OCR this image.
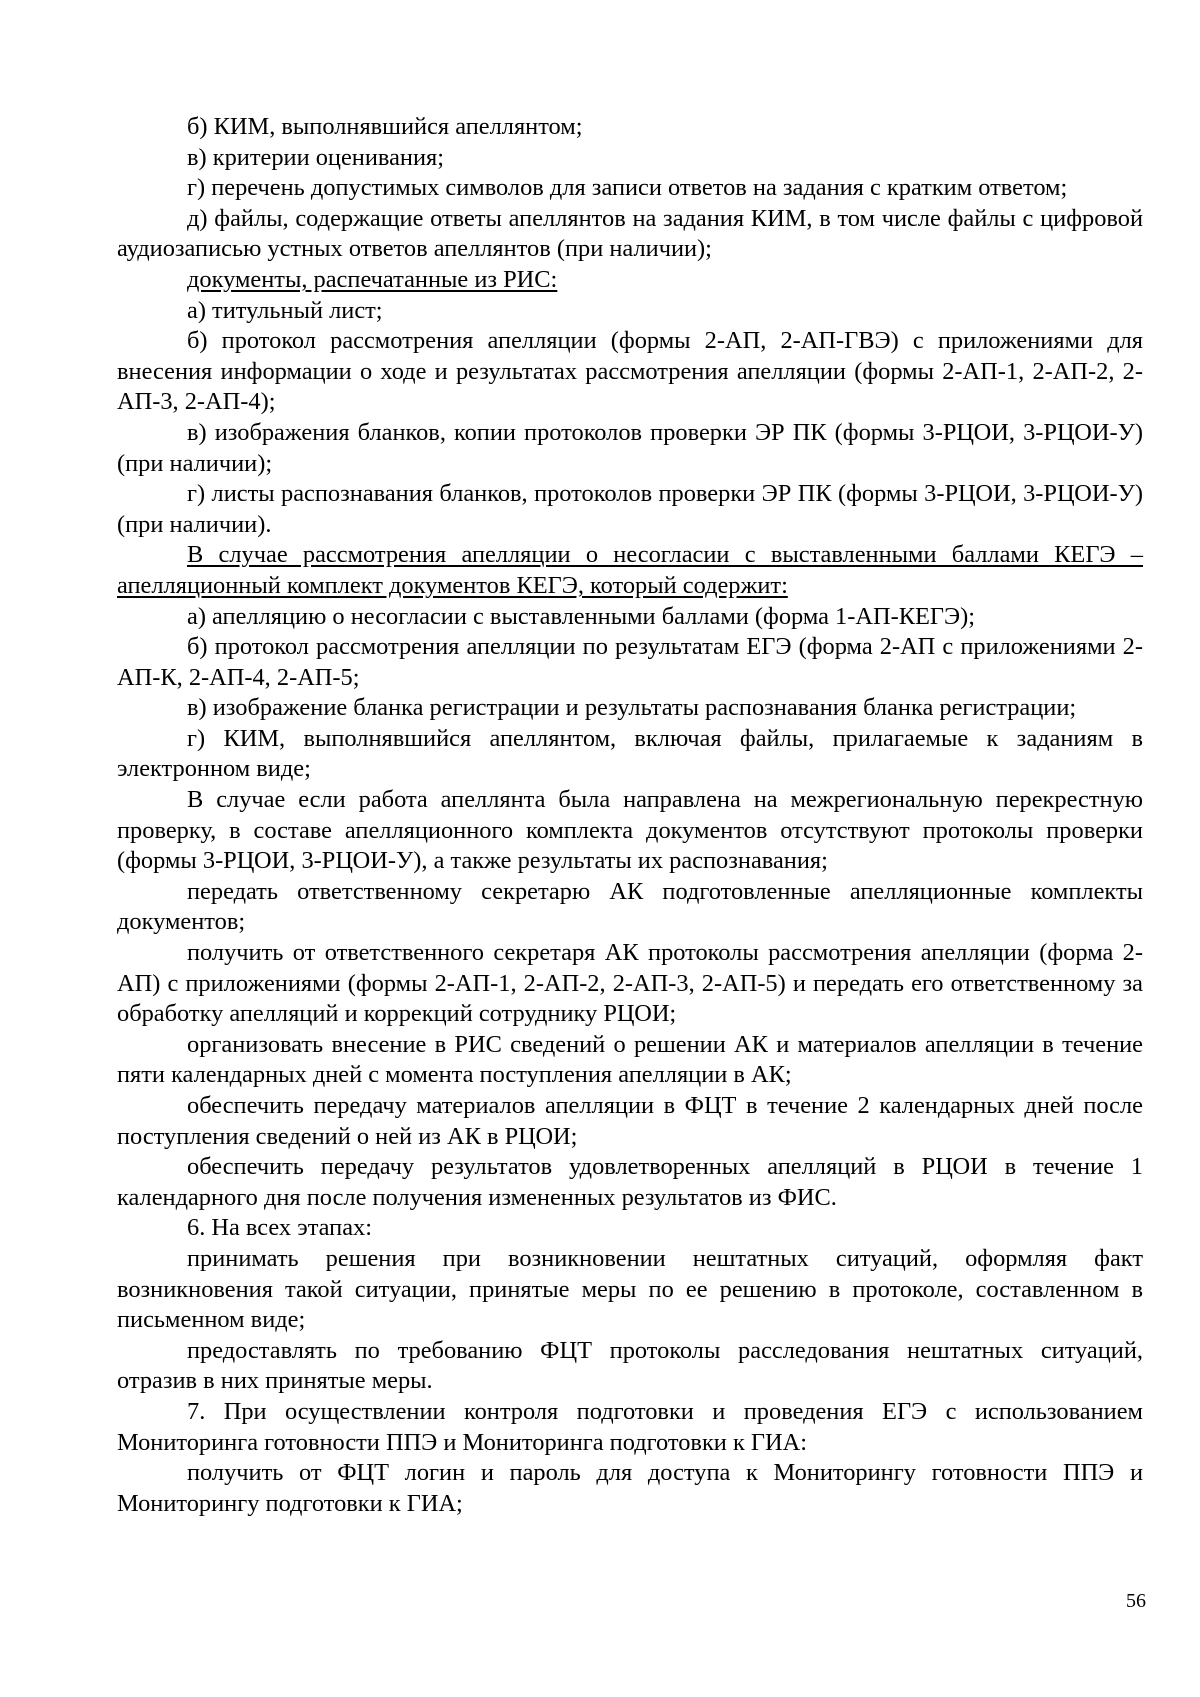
б) КИМ, выполнявшийся апеллянтом;

в) критерии оценивания;

г) перечень допустимых символов для записи ответов на задания с кратким ответом;

д) файлы, содержащие ответы апеллянтов на задания КИМ, в том числе файлы с цифровой аудиозаписью устных ответов апеллянтов (при наличии);

документы, распечатанные из РИС:

а) титульный лист;

б) протокол рассмотрения апелляции (формы 2-АП, 2-АП-ГВЭ) с приложениями для внесения информации о ходе и результатах рассмотрения апелляции (формы 2-АП-1, 2-АП-2, 2-АП-3, 2-АП-4);

в) изображения бланков, копии протоколов проверки ЭР ПК (формы 3-РЦОИ, 3-РЦОИ-У) (при наличии);

г) листы распознавания бланков, протоколов проверки ЭР ПК (формы 3-РЦОИ, 3-РЦОИ-У) (при наличии).

В случае рассмотрения апелляции о несогласии с выставленными баллами КЕГЭ – апелляционный комплект документов КЕГЭ, который содержит:

а) апелляцию о несогласии с выставленными баллами (форма 1-АП-КЕГЭ);

б) протокол рассмотрения апелляции по результатам ЕГЭ (форма 2-АП с приложениями 2-АП-К, 2-АП-4, 2-АП-5;

в) изображение бланка регистрации и результаты распознавания бланка регистрации;

г) КИМ, выполнявшийся апеллянтом, включая файлы, прилагаемые к заданиям в электронном виде;

В случае если работа апеллянта была направлена на межрегиональную перекрестную проверку, в составе апелляционного комплекта документов отсутствуют протоколы проверки (формы 3-РЦОИ, 3-РЦОИ-У), а также результаты их распознавания;

передать ответственному секретарю АК подготовленные апелляционные комплекты документов;

получить от ответственного секретаря АК протоколы рассмотрения апелляции (форма 2-АП) с приложениями (формы 2-АП-1, 2-АП-2, 2-АП-3, 2-АП-5) и передать его ответственному за обработку апелляций и коррекций сотруднику РЦОИ;

организовать внесение в РИС сведений о решении АК и материалов апелляции в течение пяти календарных дней с момента поступления апелляции в АК;

обеспечить передачу материалов апелляции в ФЦТ в течение 2 календарных дней после поступления сведений о ней из АК в РЦОИ;

обеспечить передачу результатов удовлетворенных апелляций в РЦОИ в течение 1 календарного дня после получения измененных результатов из ФИС.

6. На всех этапах:

принимать решения при возникновении нештатных ситуаций, оформляя факт возникновения такой ситуации, принятые меры по ее решению в протоколе, составленном в письменном виде;

предоставлять по требованию ФЦТ протоколы расследования нештатных ситуаций, отразив в них принятые меры.

7. При осуществлении контроля подготовки и проведения ЕГЭ с использованием Мониторинга готовности ППЭ и Мониторинга подготовки к ГИА:

получить от ФЦТ логин и пароль для доступа к Мониторингу готовности ППЭ и Мониторингу подготовки к ГИА;

56
